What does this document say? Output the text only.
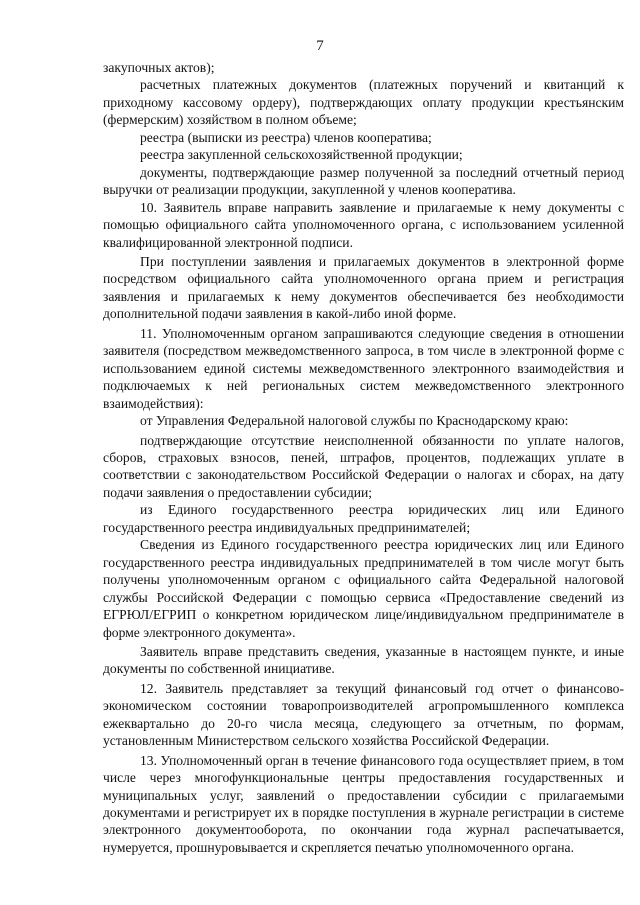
7

закупочных актов);

расчетных платежных документов (платежных поручений и квитанций к приходному кассовому ордеру), подтверждающих оплату продукции крестьянским (фермерским) хозяйством в полном объеме;

реестра (выписки из реестра) членов кооператива;

реестра закупленной сельскохозяйственной продукции;

документы, подтверждающие размер полученной за последний отчетный период выручки от реализации продукции, закупленной у членов кооператива.

10. Заявитель вправе направить заявление и прилагаемые к нему документы с помощью официального сайта уполномоченного органа, с использованием усиленной квалифицированной электронной подписи.

При поступлении заявления и прилагаемых документов в электронной форме посредством официального сайта уполномоченного органа прием и регистрация заявления и прилагаемых к нему документов обеспечивается без необходимости дополнительной подачи заявления в какой-либо иной форме.

11. Уполномоченным органом запрашиваются следующие сведения в отношении заявителя (посредством межведомственного запроса, в том числе в электронной форме с использованием единой системы межведомственного электронного взаимодействия и подключаемых к ней региональных систем межведомственного электронного взаимодействия):

от Управления Федеральной налоговой службы по Краснодарскому краю:

подтверждающие отсутствие неисполненной обязанности по уплате налогов, сборов, страховых взносов, пеней, штрафов, процентов, подлежащих уплате в соответствии с законодательством Российской Федерации о налогах и сборах, на дату подачи заявления о предоставлении субсидии;

из Единого государственного реестра юридических лиц или Единого государственного реестра индивидуальных предпринимателей;

Сведения из Единого государственного реестра юридических лиц или Единого государственного реестра индивидуальных предпринимателей в том числе могут быть получены уполномоченным органом с официального сайта Федеральной налоговой службы Российской Федерации с помощью сервиса «Предоставление сведений из ЕГРЮЛ/ЕГРИП о конкретном юридическом лице/индивидуальном предпринимателе в форме электронного документа».

Заявитель вправе представить сведения, указанные в настоящем пункте, и иные документы по собственной инициативе.

12. Заявитель представляет за текущий финансовый год отчет о финансово-экономическом состоянии товаропроизводителей агропромышленного комплекса ежеквартально до 20-го числа месяца, следующего за отчетным, по формам, установленным Министерством сельского хозяйства Российской Федерации.

13. Уполномоченный орган в течение финансового года осуществляет прием, в том числе через многофункциональные центры предоставления государственных и муниципальных услуг, заявлений о предоставлении субсидии с прилагаемыми документами и регистрирует их в порядке поступления в журнале регистрации в системе электронного документооборота, по окончании года журнал распечатывается, нумеруется, прошнуровывается и скрепляется печатью уполномоченного органа.
